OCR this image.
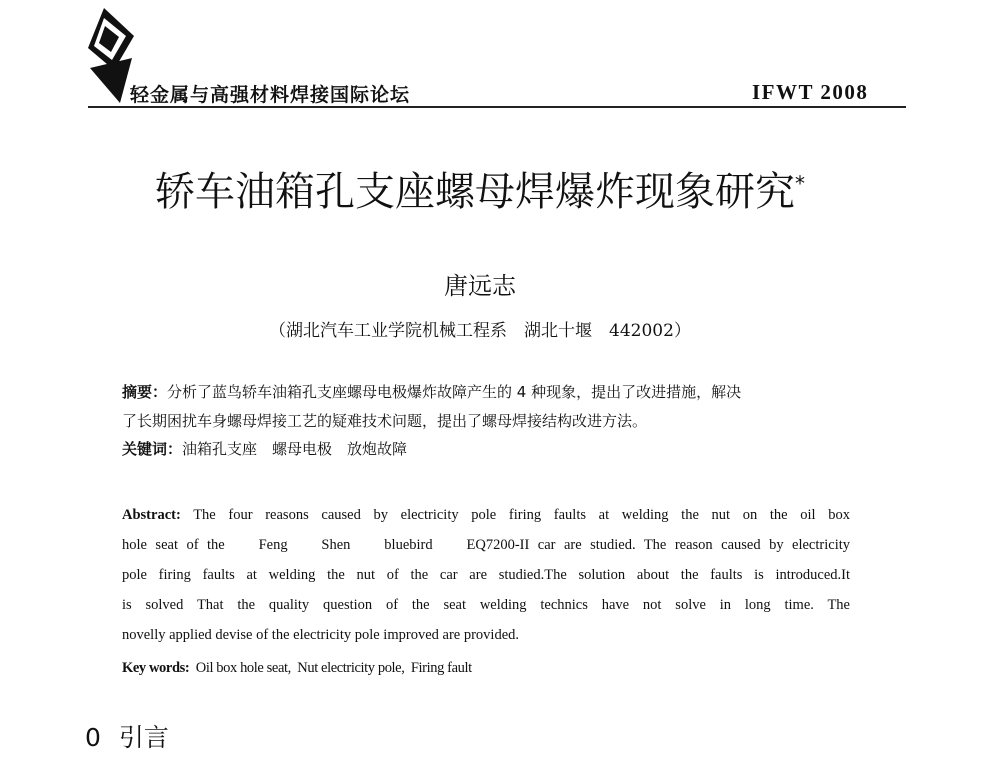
轻金属与高强材料焊接国际论坛	IFWT 2008
轿车油箱孔支座螺母焊爆炸现象研究*
唐远志
（湖北汽车工业学院机械工程系　湖北十堰　442002）
摘要：分析了蓝鸟轿车油箱孔支座螺母电极爆炸故障产生的 4 种现象，提出了改进措施，解决
了长期困扰车身螺母焊接工艺的疑难技术问题，提出了螺母焊接结构改进方法。
关键词：油箱孔支座　螺母电极　放炮故障
Abstract: The four reasons caused by electricity pole firing faults at welding the nut on the oil box
hole seat of the    Feng    Shen    bluebird    EQ7200-II car are studied. The reason caused by electricity
pole firing faults at welding the nut of the car are studied.The solution about the faults is introduced.It
is solved That the quality question of the seat welding technics have not solve in long time. The
novelly applied devise of the electricity pole improved are provided.
Key words: Oil box hole seat,  Nut electricity pole,  Firing fault
0 引言
